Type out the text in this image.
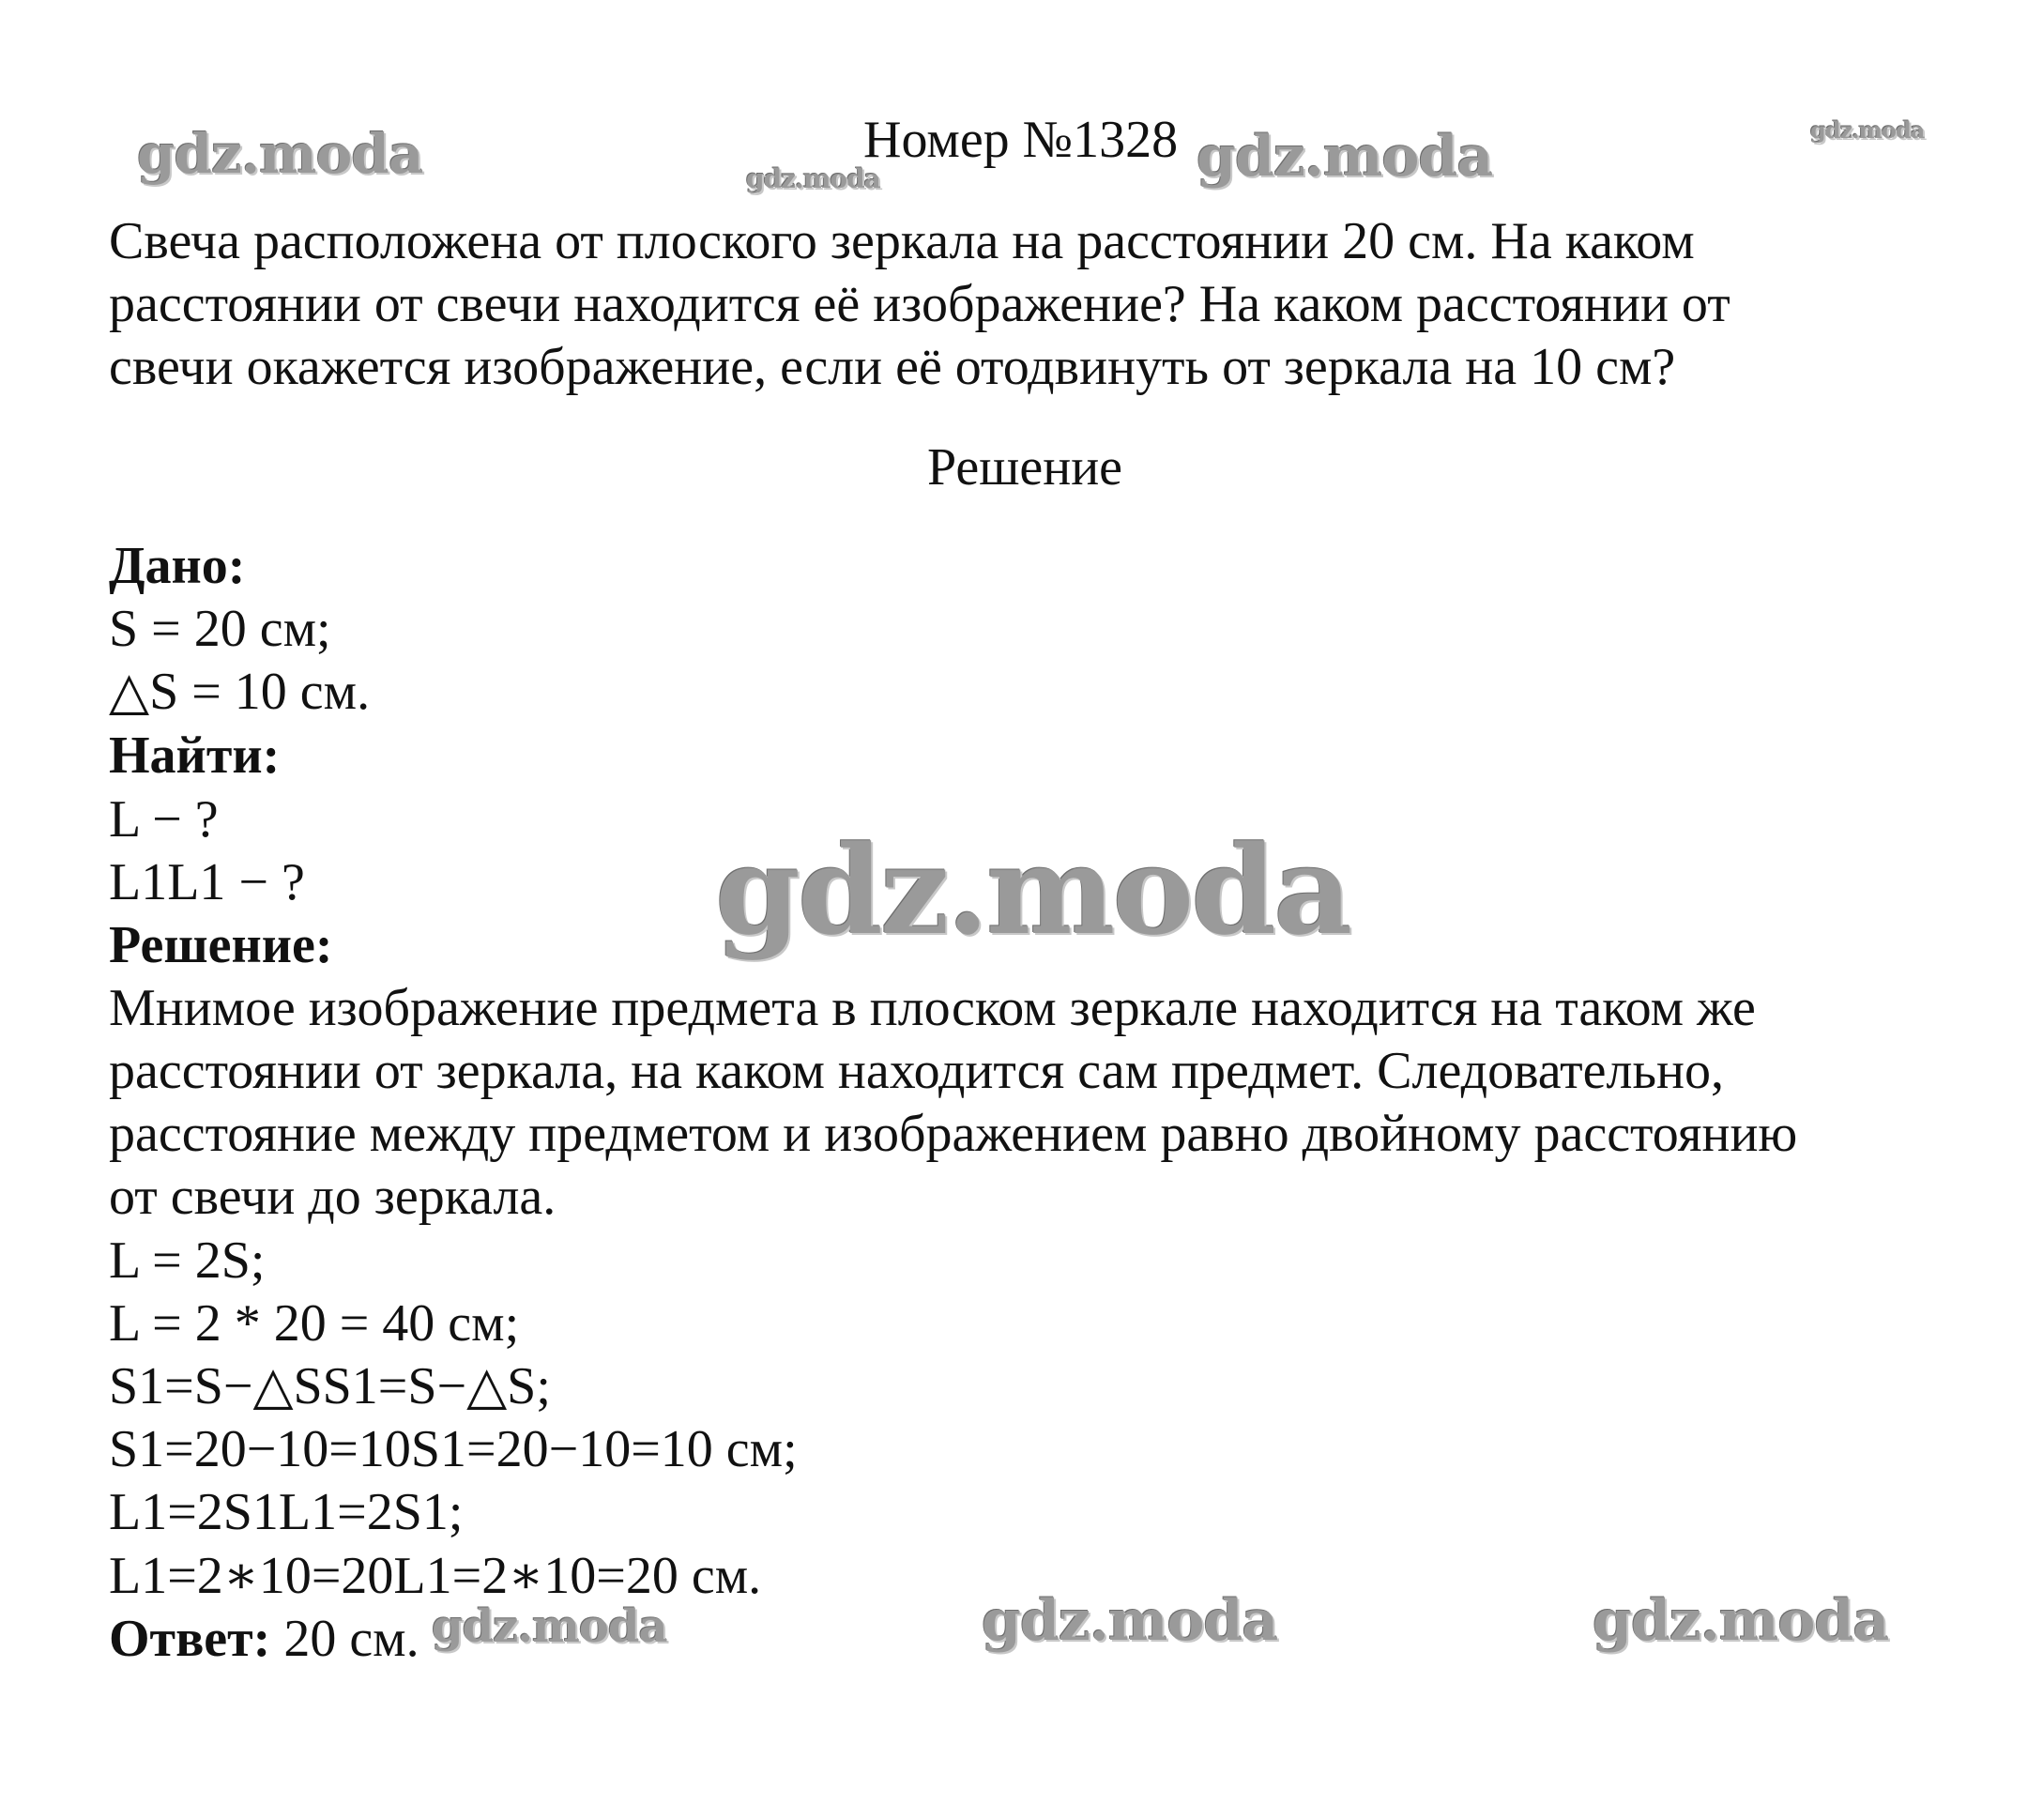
Номер №1328
Свеча расположена от плоского зеркала на расстоянии 20 см. На каком
расстоянии от свечи находится её изображение? На каком расстоянии от
свечи окажется изображение, если её отодвинуть от зеркала на 10 см?
Решение
Дано:
S = 20 см;
△S = 10 см.
Найти:
L − ?
L1L1 − ?
Решение:
Мнимое изображение предмета в плоском зеркале находится на таком же
расстоянии от зеркала, на каком находится сам предмет. Следовательно,
расстояние между предметом и изображением равно двойному расстоянию
от свечи до зеркала.
L = 2S;
L = 2 * 20 = 40 см;
S1=S−△SS1=S−△S;
S1=20−10=10S1=20−10=10 см;
L1=2S1L1=2S1;
L1=2∗10=20L1=2∗10=20 см.
Ответ: 20 см.
gdz.moda	gdz.moda	gdz.moda	gdz.moda
gdz.moda
gdz.moda	gdz.moda	gdz.moda
